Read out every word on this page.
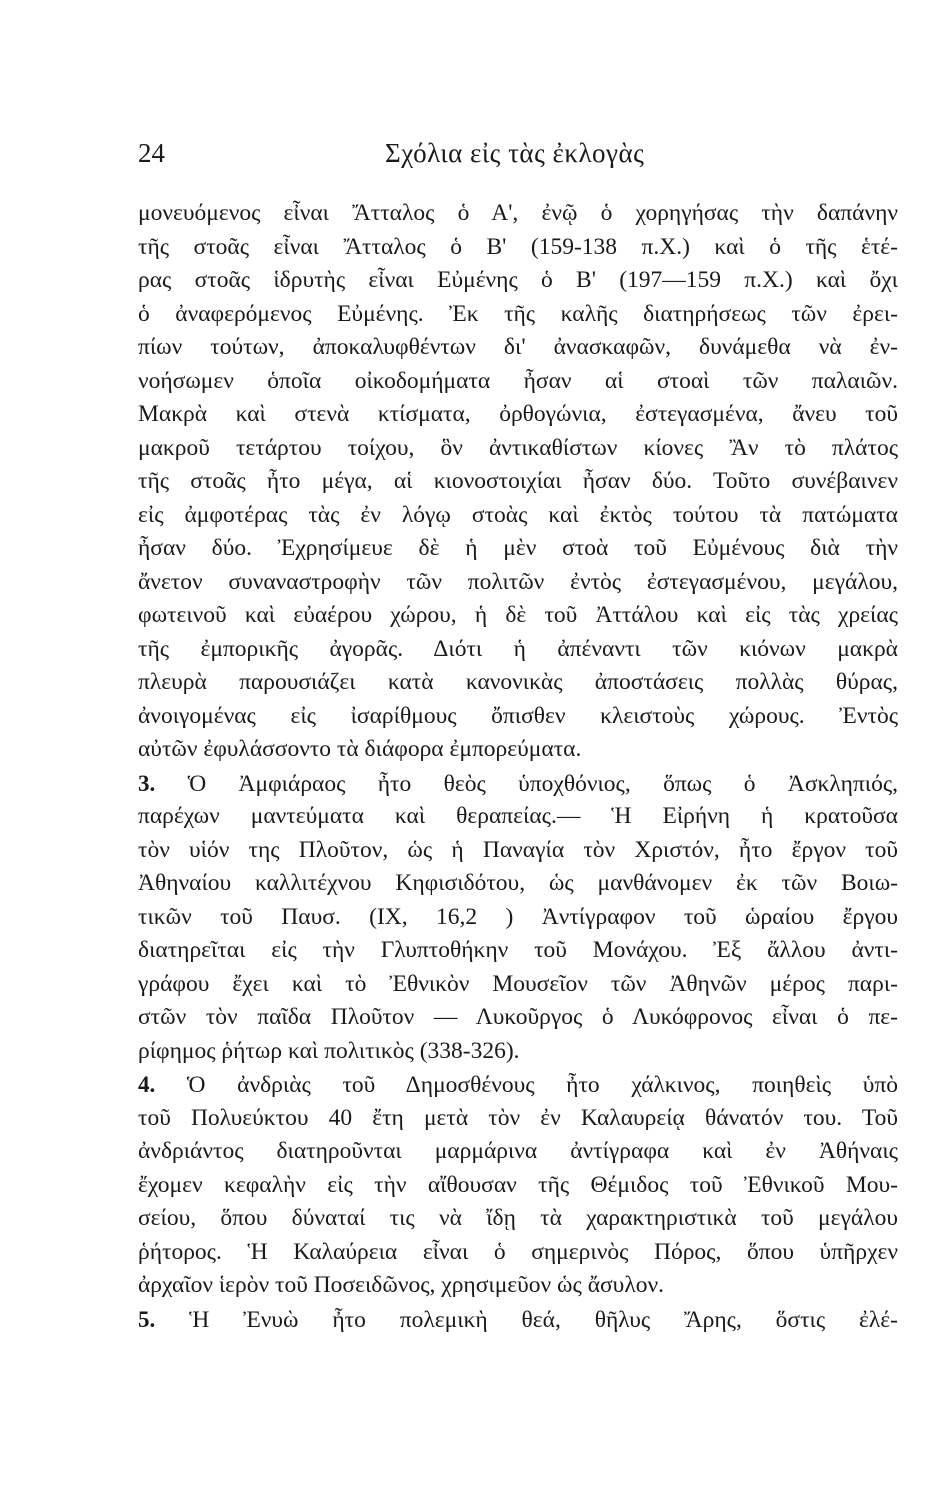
24	Σχόλια εἰς τὰς ἐκλογὰς
μονευόμενος εἶναι Ἄτταλος ὁ Α', ἐνῷ ὁ χορηγήσας τὴν δαπάνην
τῆς στοᾶς εἶναι Ἄτταλος ὁ Β' (159-138 π.Χ.) καὶ ὁ τῆς ἑτέ-
ρας στοᾶς ἱδρυτὴς εἶναι Εὐμένης ὁ Β' (197—159 π.Χ.) καὶ ὄχι
ὁ ἀναφερόμενος Εὐμένης. Ἐκ τῆς καλῆς διατηρήσεως τῶν ἐρει-
πίων τούτων, ἀποκαλυφθέντων δι' ἀνασκαφῶν, δυνάμεθα νὰ ἐν-
νοήσωμεν ὁποῖα οἰκοδομήματα ἦσαν αἱ στοαὶ τῶν παλαιῶν.
Μακρὰ καὶ στενὰ κτίσματα, ὀρθογώνια, ἐστεγασμένα, ἄνευ τοῦ
μακροῦ τετάρτου τοίχου, ὃν ἀντικαθίστων κίονες Ἂν τὸ πλάτος
τῆς στοᾶς ἦτο μέγα, αἱ κιονοστοιχίαι ἦσαν δύο. Τοῦτο συνέβαινεν
εἰς ἀμφοτέρας τὰς ἐν λόγῳ στοὰς καὶ ἐκτὸς τούτου τὰ πατώματα
ἦσαν δύο. Ἐχρησίμευε δὲ ἡ μὲν στοὰ τοῦ Εὐμένους διὰ τὴν
ἄνετον συναναστροφὴν τῶν πολιτῶν ἐντὸς ἐστεγασμένου, μεγάλου,
φωτεινοῦ καὶ εὐαέρου χώρου, ἡ δὲ τοῦ Ἀττάλου καὶ εἰς τὰς χρείας
τῆς ἐμπορικῆς ἀγορᾶς. Διότι ἡ ἀπέναντι τῶν κιόνων μακρὰ
πλευρὰ παρουσιάζει κατὰ κανονικὰς ἀποστάσεις πολλὰς θύρας,
ἀνοιγομένας εἰς ἰσαρίθμους ὄπισθεν κλειστοὺς χώρους. Ἐντὸς
αὐτῶν ἐφυλάσσοντο τὰ διάφορα ἐμπορεύματα.
3. Ὁ Ἀμφιάραος ἦτο θεὸς ὑποχθόνιος, ὅπως ὁ Ἀσκληπιός,
παρέχων μαντεύματα καὶ θεραπείας.— Ἡ Εἰρήνη ἡ κρατοῦσα
τὸν υἱόν της Πλοῦτον, ὡς ἡ Παναγία τὸν Χριστόν, ἦτο ἔργον τοῦ
Ἀθηναίου καλλιτέχνου Κηφισιδότου, ὡς μανθάνομεν ἐκ τῶν Βοιω-
τικῶν τοῦ Παυσ. (ΙΧ, 16,2 ) Ἀντίγραφον τοῦ ὡραίου ἔργου
διατηρεῖται εἰς τὴν Γλυπτοθήκην τοῦ Μονάχου. Ἐξ ἄλλου ἀντι-
γράφου ἔχει καὶ τὸ Ἐθνικὸν Μουσεῖον τῶν Ἀθηνῶν μέρος παρι-
στῶν τὸν παῖδα Πλοῦτον — Λυκοῦργος ὁ Λυκόφρονος εἶναι ὁ πε-
ρίφημος ῥήτωρ καὶ πολιτικὸς (338-326).
4. Ὁ ἀνδριὰς τοῦ Δημοσθένους ἦτο χάλκινος, ποιηθεὶς ὑπὸ
τοῦ Πολυεύκτου 40 ἔτη μετὰ τὸν ἐν Καλαυρείᾳ θάνατόν του. Τοῦ
ἀνδριάντος διατηροῦνται μαρμάρινα ἀντίγραφα καὶ ἐν Ἀθήναις
ἔχομεν κεφαλὴν εἰς τὴν αἴθουσαν τῆς Θέμιδος τοῦ Ἐθνικοῦ Μου-
σείου, ὅπου δύναταί τις νὰ ἴδῃ τὰ χαρακτηριστικὰ τοῦ μεγάλου
ῥήτορος. Ἡ Καλαύρεια εἶναι ὁ σημερινὸς Πόρος, ὅπου ὑπῆρχεν
ἀρχαῖον ἱερὸν τοῦ Ποσειδῶνος, χρησιμεῦον ὡς ἄσυλον.
5. Ἡ Ἐνυὼ ἦτο πολεμικὴ θεά, θῆλυς Ἄρης, ὅστις ἐλέ-
